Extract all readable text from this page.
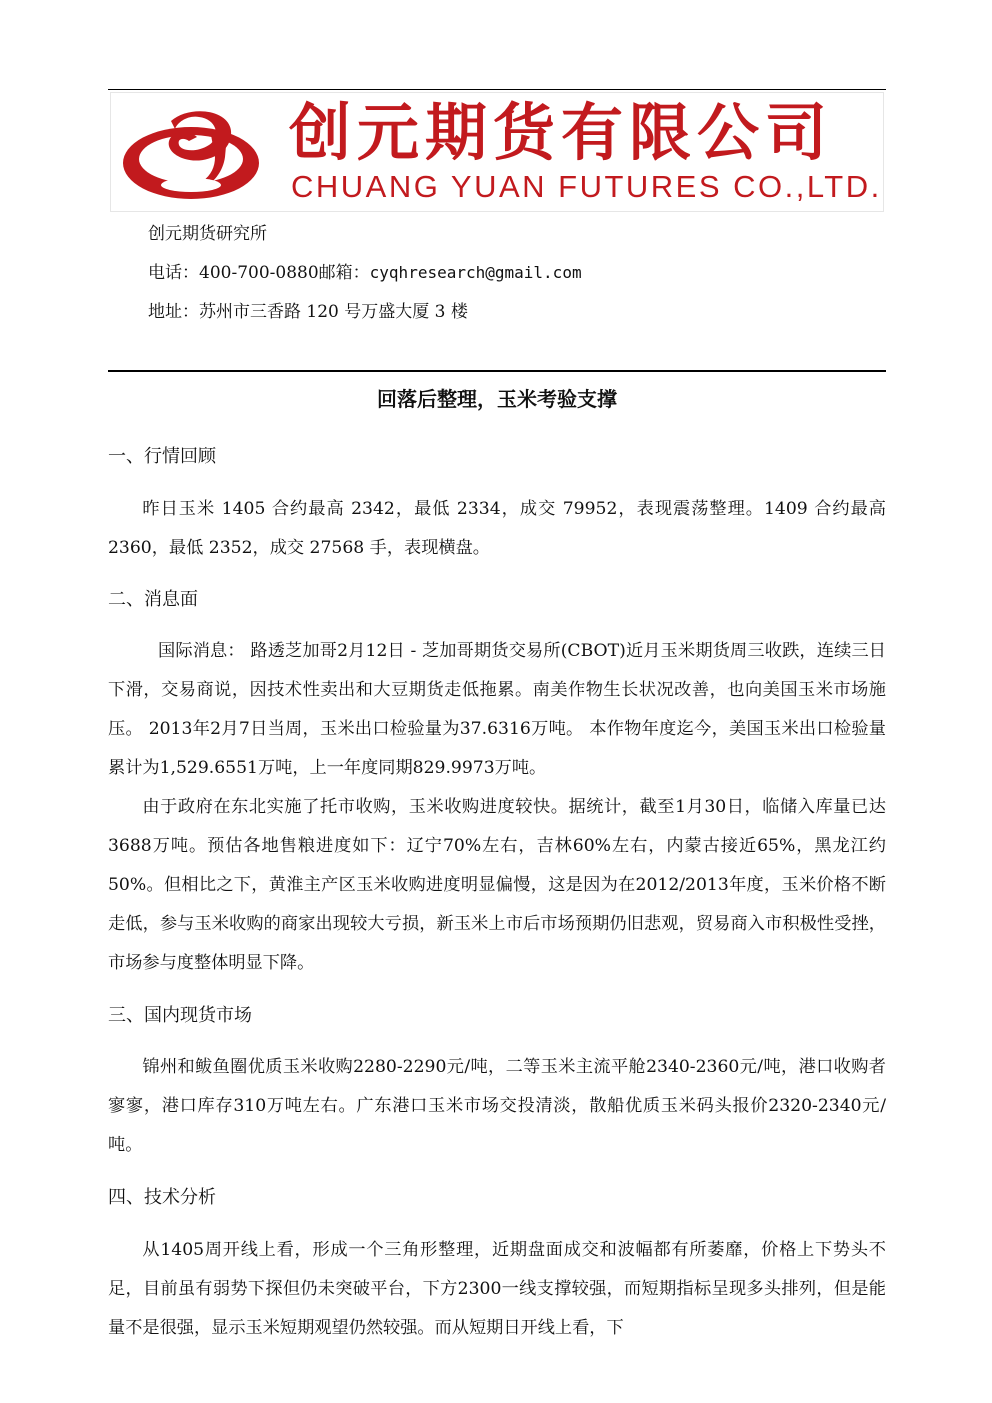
创元期货有限公司
CHUANG YUAN FUTURES CO.,LTD.
创元期货研究所
电话：400-700-0880邮箱：cyqhresearch@gmail.com
地址：苏州市三香路 120 号万盛大厦 3 楼
回落后整理，玉米考验支撑
一、行情回顾

昨日玉米 1405 合约最高 2342，最低 2334，成交 79952，表现震荡整理。1409 合约最高 2360，最低 2352，成交 27568 手，表现横盘。

二、消息面

国际消息： 路透芝加哥2月12日 - 芝加哥期货交易所(CBOT)近月玉米期货周三收跌，连续三日下滑，交易商说，因技术性卖出和大豆期货走低拖累。南美作物生长状况改善，也向美国玉米市场施压。 2013年2月7日当周，玉米出口检验量为37.6316万吨。 本作物年度迄今，美国玉米出口检验量累计为1,529.6551万吨，上一年度同期829.9973万吨。

由于政府在东北实施了托市收购，玉米收购进度较快。据统计，截至1月30日，临储入库量已达3688万吨。预估各地售粮进度如下：辽宁70%左右，吉林60%左右，内蒙古接近65%，黑龙江约50%。但相比之下，黄淮主产区玉米收购进度明显偏慢，这是因为在2012/2013年度，玉米价格不断走低，参与玉米收购的商家出现较大亏损，新玉米上市后市场预期仍旧悲观，贸易商入市积极性受挫，市场参与度整体明显下降。

三、国内现货市场

锦州和鲅鱼圈优质玉米收购2280-2290元/吨，二等玉米主流平舱2340-2360元/吨，港口收购者寥寥，港口库存310万吨左右。广东港口玉米市场交投清淡，散船优质玉米码头报价2320-2340元/吨。

四、技术分析

从1405周开线上看，形成一个三角形整理，近期盘面成交和波幅都有所萎靡，价格上下势头不足，目前虽有弱势下探但仍未突破平台，下方2300一线支撑较强，而短期指标呈现多头排列，但是能量不是很强，显示玉米短期观望仍然较强。而从短期日开线上看，下
